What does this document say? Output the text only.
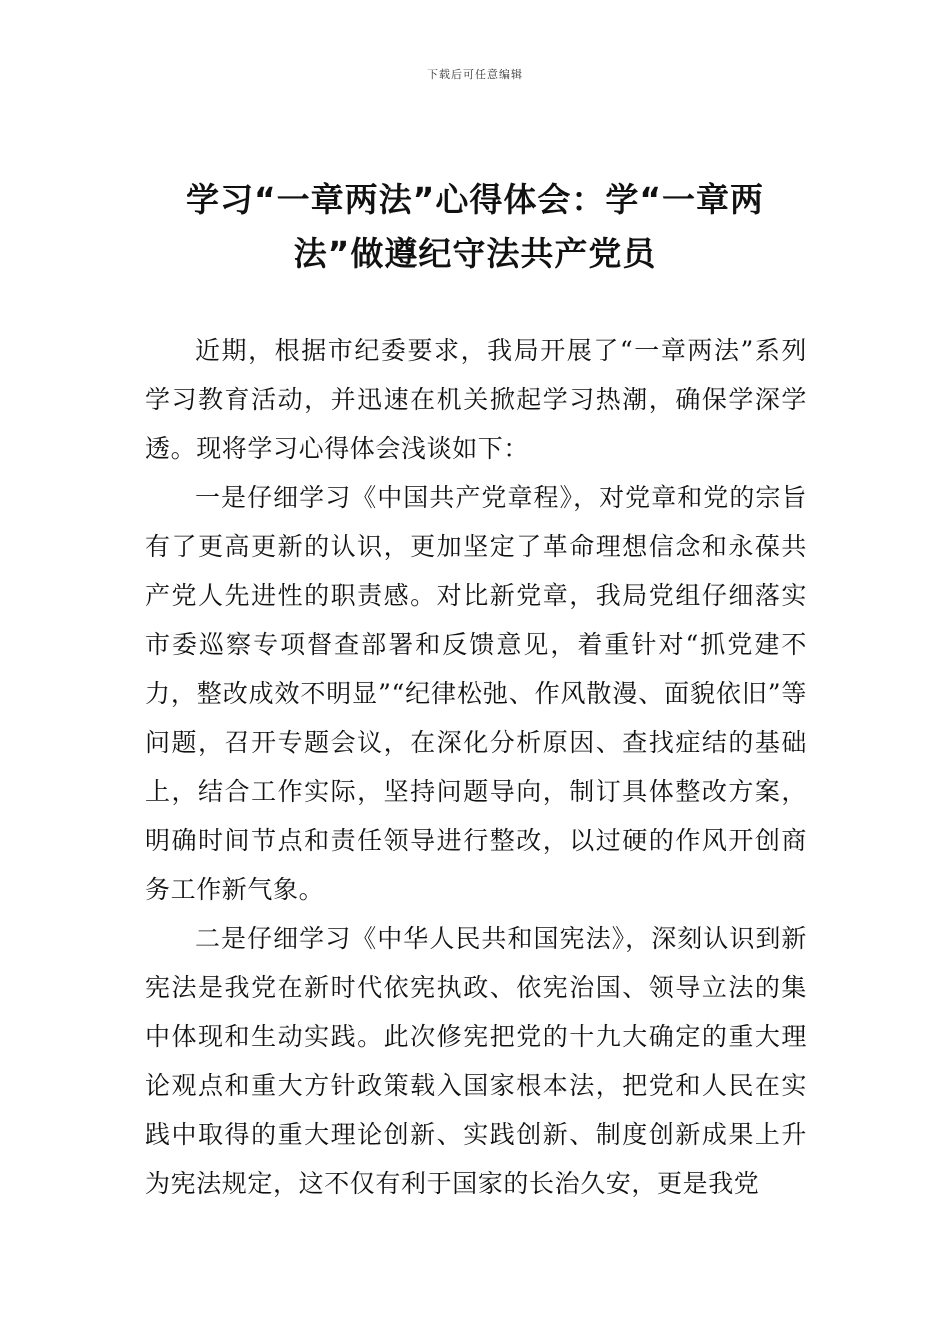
下载后可任意编辑
学习“一章两法”心得体会：学“一章两
法”做遵纪守法共产党员

近期，根据市纪委要求，我局开展了“一章两法”系列学习教育活动，并迅速在机关掀起学习热潮，确保学深学透。现将学习心得体会浅谈如下：

一是仔细学习《中国共产党章程》，对党章和党的宗旨有了更高更新的认识，更加坚定了革命理想信念和永葆共产党人先进性的职责感。对比新党章，我局党组仔细落实市委巡察专项督查部署和反馈意见，着重针对“抓党建不力，整改成效不明显”“纪律松弛、作风散漫、面貌依旧”等问题，召开专题会议，在深化分析原因、查找症结的基础上，结合工作实际，坚持问题导向，制订具体整改方案，明确时间节点和责任领导进行整改，以过硬的作风开创商务工作新气象。

二是仔细学习《中华人民共和国宪法》，深刻认识到新宪法是我党在新时代依宪执政、依宪治国、领导立法的集中体现和生动实践。此次修宪把党的十九大确定的重大理论观点和重大方针政策载入国家根本法，把党和人民在实践中取得的重大理论创新、实践创新、制度创新成果上升为宪法规定，这不仅有利于国家的长治久安，更是我党
